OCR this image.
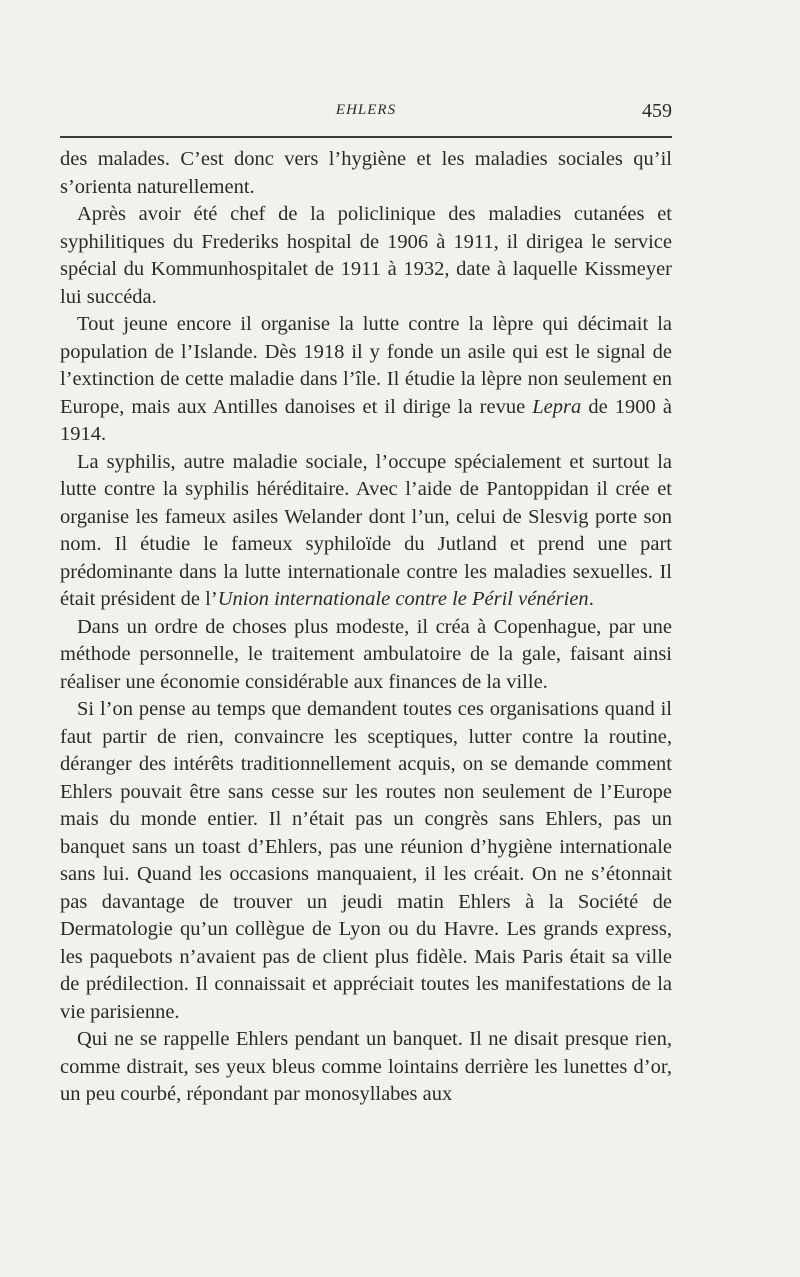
EHLERS	459

des malades. C’est donc vers l’hygiène et les maladies sociales qu’il s’orienta naturellement.

Après avoir été chef de la policlinique des maladies cutanées et syphilitiques du Frederiks hospital de 1906 à 1911, il dirigea le service spécial du Kommunhospitalet de 1911 à 1932, date à laquelle Kissmeyer lui succéda.

Tout jeune encore il organise la lutte contre la lèpre qui décimait la population de l’Islande. Dès 1918 il y fonde un asile qui est le signal de l’extinction de cette maladie dans l’île. Il étudie la lèpre non seulement en Europe, mais aux Antilles danoises et il dirige la revue Lepra de 1900 à 1914.

La syphilis, autre maladie sociale, l’occupe spécialement et surtout la lutte contre la syphilis héréditaire. Avec l’aide de Pantoppidan il crée et organise les fameux asiles Welander dont l’un, celui de Slesvig porte son nom. Il étudie le fameux syphiloïde du Jutland et prend une part prédominante dans la lutte internationale contre les maladies sexuelles. Il était président de l’Union internationale contre le Péril vénérien.

Dans un ordre de choses plus modeste, il créa à Copenhague, par une méthode personnelle, le traitement ambulatoire de la gale, faisant ainsi réaliser une économie considérable aux finances de la ville.

Si l’on pense au temps que demandent toutes ces organisations quand il faut partir de rien, convaincre les sceptiques, lutter contre la routine, déranger des intérêts traditionnellement acquis, on se demande comment Ehlers pouvait être sans cesse sur les routes non seulement de l’Europe mais du monde entier. Il n’était pas un congrès sans Ehlers, pas un banquet sans un toast d’Ehlers, pas une réunion d’hygiène internationale sans lui. Quand les occasions manquaient, il les créait. On ne s’étonnait pas davantage de trouver un jeudi matin Ehlers à la Société de Dermatologie qu’un collègue de Lyon ou du Havre. Les grands express, les paquebots n’avaient pas de client plus fidèle. Mais Paris était sa ville de prédilection. Il connaissait et appréciait toutes les manifestations de la vie parisienne.

Qui ne se rappelle Ehlers pendant un banquet. Il ne disait presque rien, comme distrait, ses yeux bleus comme lointains derrière les lunettes d’or, un peu courbé, répondant par monosyllabes aux
